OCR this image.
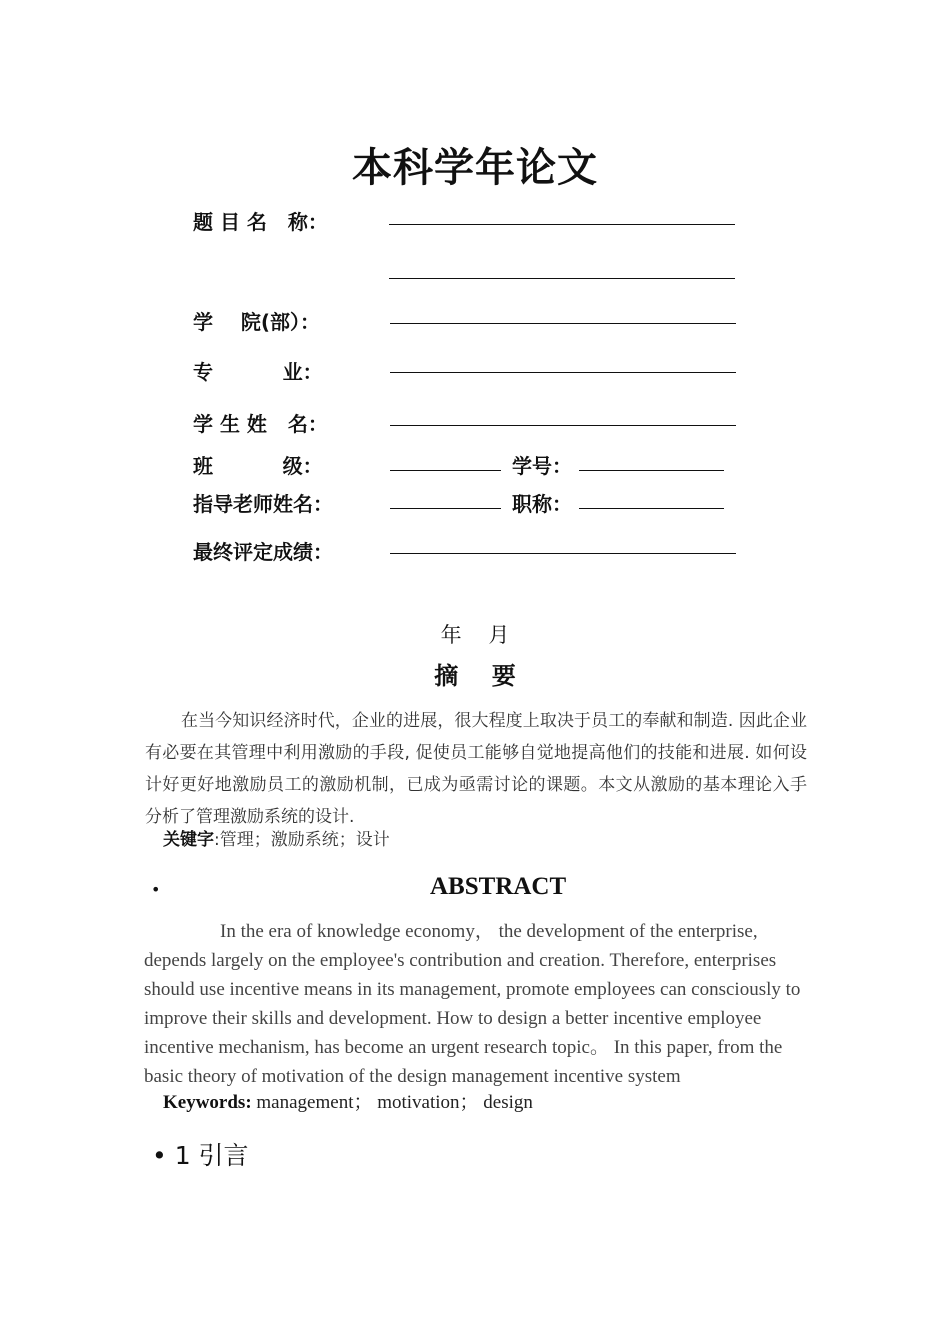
本科学年论文
题 目 名   称：
学    院(部）：
专          业：
学 生 姓   名：
班          级：	学号：
指导老师姓名：	职称：
最终评定成绩：
年    月
摘    要
在当今知识经济时代，企业的进展，很大程度上取决于员工的奉献和制造. 因此企业有必要在其管理中利用激励的手段, 促使员工能够自觉地提高他们的技能和进展. 如何设计好更好地激励员工的激励机制，已成为亟需讨论的课题。本文从激励的基本理论入手分析了管理激励系统的设计.
关键字:管理；激励系统；设计
•	ABSTRACT
In the era of knowledge economy， the development of the enterprise, depends largely on the employee's contribution and creation. Therefore, enterprises should use incentive means in its management, promote employees can consciously to improve their skills and development. How to design a better incentive employee incentive mechanism, has become an urgent research topic。 In this paper, from the basic theory of motivation of the design management incentive system
Keywords: management； motivation； design
• 1 引言
